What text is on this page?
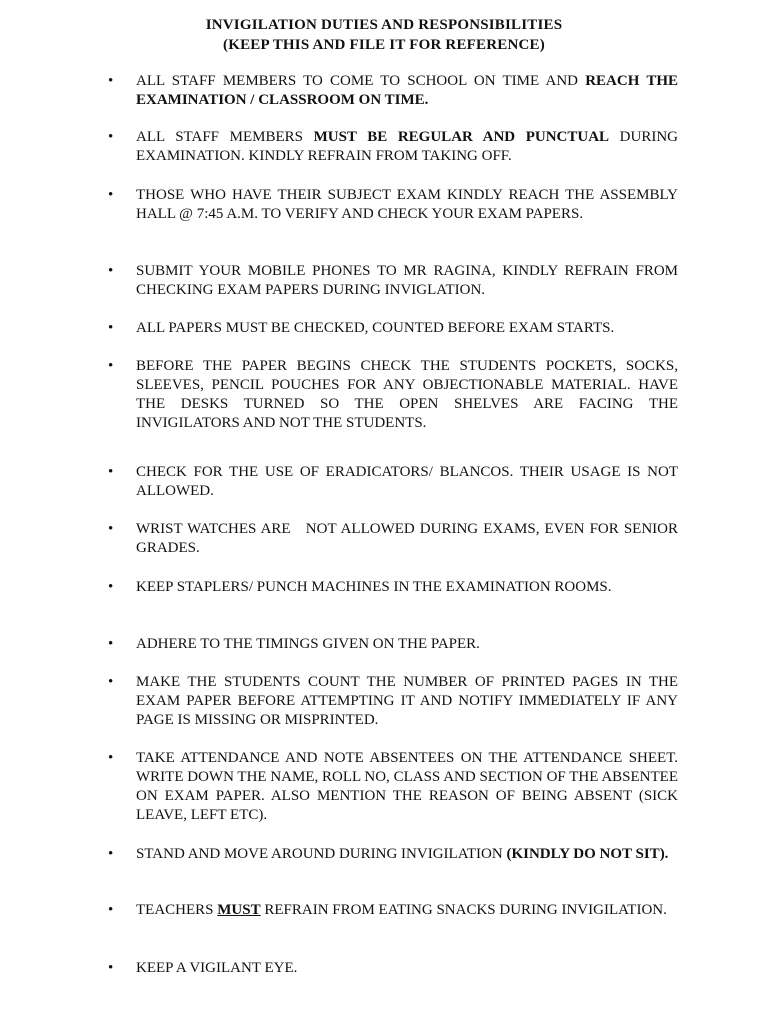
INVIGILATION DUTIES AND RESPONSIBILITIES
(KEEP THIS AND FILE IT FOR REFERENCE)
• ALL STAFF MEMBERS TO COME TO SCHOOL ON TIME AND REACH THE EXAMINATION / CLASSROOM ON TIME.
• ALL STAFF MEMBERS MUST BE REGULAR AND PUNCTUAL DURING EXAMINATION. KINDLY REFRAIN FROM TAKING OFF.
• THOSE WHO HAVE THEIR SUBJECT EXAM KINDLY REACH THE ASSEMBLY HALL @ 7:45 A.M. TO VERIFY AND CHECK YOUR EXAM PAPERS.
• SUBMIT YOUR MOBILE PHONES TO MR RAGINA, KINDLY REFRAIN FROM CHECKING EXAM PAPERS DURING INVIGLATION.
• ALL PAPERS MUST BE CHECKED, COUNTED BEFORE EXAM STARTS.
• BEFORE THE PAPER BEGINS CHECK THE STUDENTS POCKETS, SOCKS, SLEEVES, PENCIL POUCHES FOR ANY OBJECTIONABLE MATERIAL. HAVE THE DESKS TURNED SO THE OPEN SHELVES ARE FACING THE INVIGILATORS AND NOT THE STUDENTS.
• CHECK FOR THE USE OF ERADICATORS/ BLANCOS. THEIR USAGE IS NOT ALLOWED.
• WRIST WATCHES ARE   NOT ALLOWED DURING EXAMS, EVEN FOR SENIOR GRADES.
• KEEP STAPLERS/ PUNCH MACHINES IN THE EXAMINATION ROOMS.
• ADHERE TO THE TIMINGS GIVEN ON THE PAPER.
• MAKE THE STUDENTS COUNT THE NUMBER OF PRINTED PAGES IN THE EXAM PAPER BEFORE ATTEMPTING IT AND NOTIFY IMMEDIATELY IF ANY PAGE IS MISSING OR MISPRINTED.
• TAKE ATTENDANCE AND NOTE ABSENTEES ON THE ATTENDANCE SHEET. WRITE DOWN THE NAME, ROLL NO, CLASS AND SECTION OF THE ABSENTEE ON EXAM PAPER. ALSO MENTION THE REASON OF BEING ABSENT (SICK LEAVE, LEFT ETC).
• STAND AND MOVE AROUND DURING INVIGILATION (KINDLY DO NOT SIT).
• TEACHERS MUST REFRAIN FROM EATING SNACKS DURING INVIGILATION.
• KEEP A VIGILANT EYE.
